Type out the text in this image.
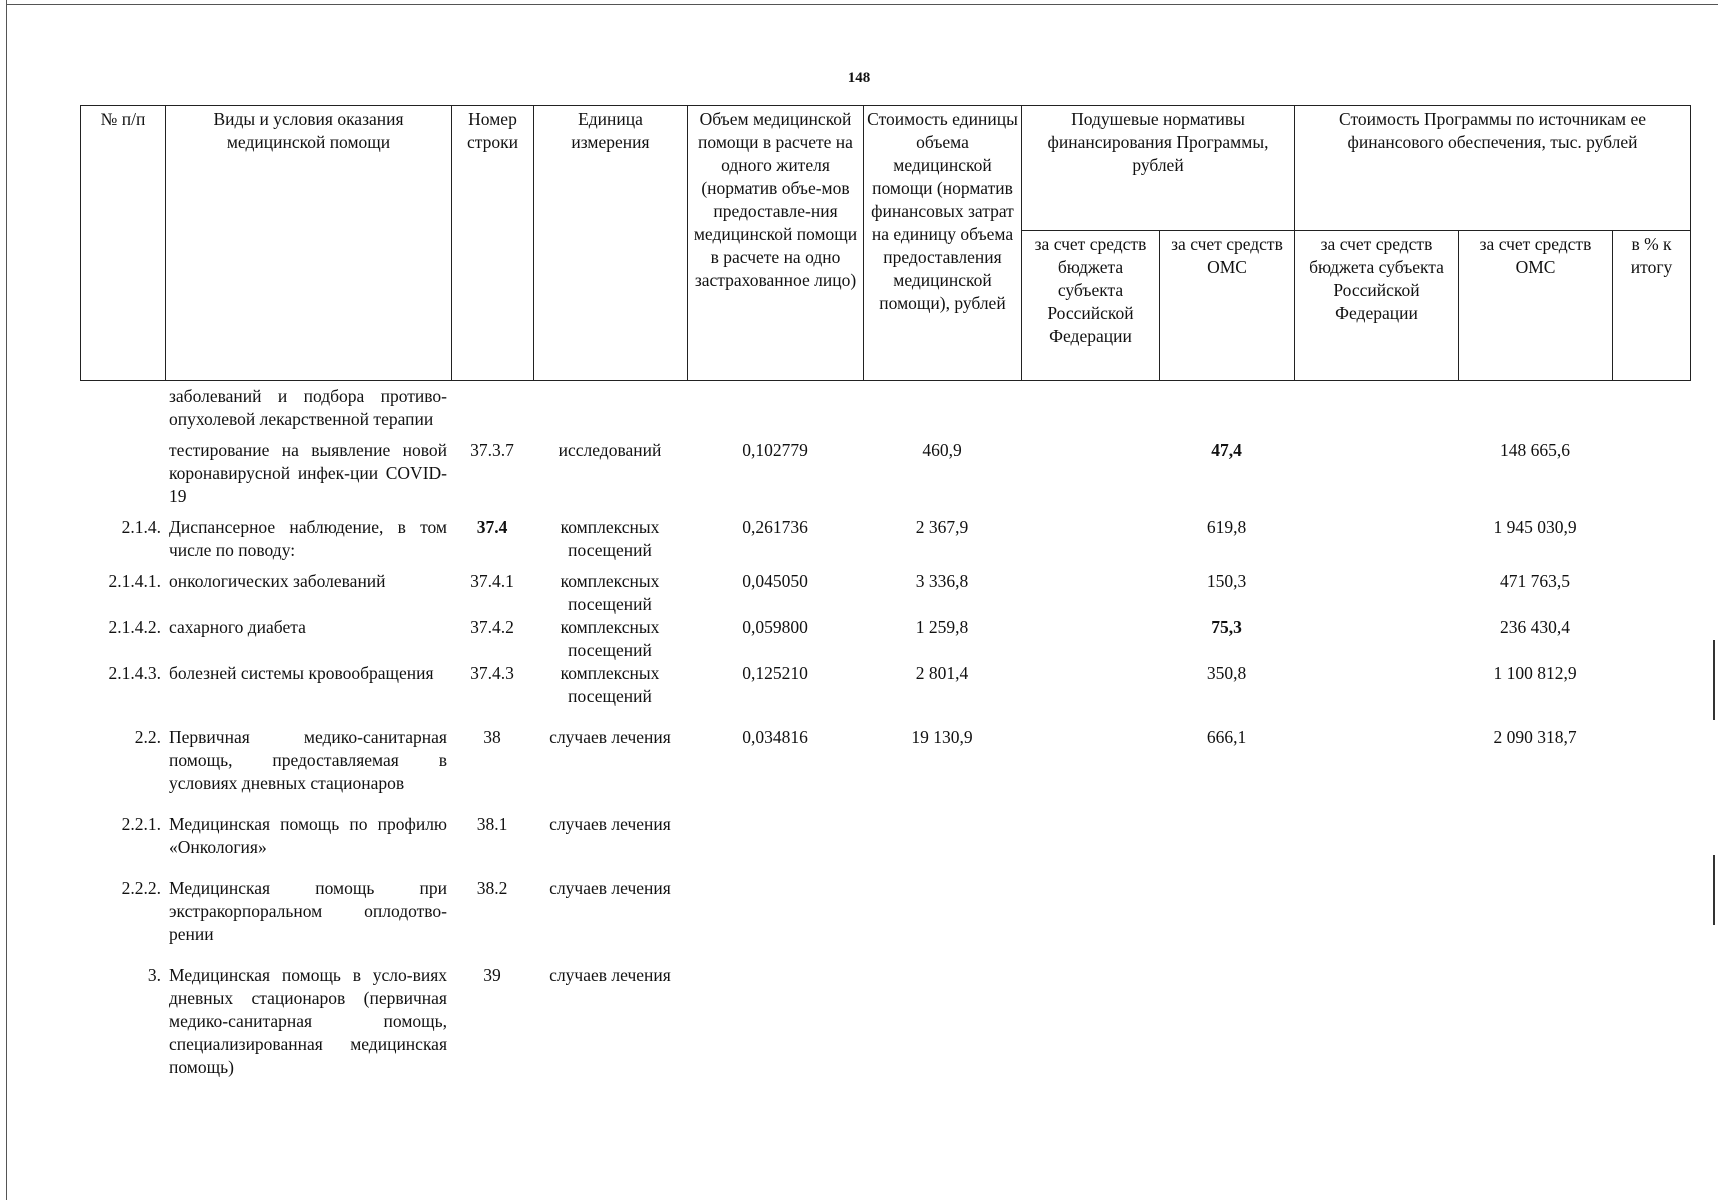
148
№ п/п	Виды и условия оказания медицинской помощи	Номер строки	Единица измерения	Объем медицинской помощи в расчете на одного жителя (норматив объе-мов предоставле-ния медицинской помощи в расчете на одно застрахованное лицо)	Стоимость единицы объема медицинской помощи (норматив финансовых затрат на единицу объема предоставления медицинской помощи), рублей	Подушевые нормативы финансирования Программы, рублей		Стоимость Программы по источникам ее финансового обеспечения, тыс. рублей		
						за счет средств бюджета субъекта Российской Федерации	за счет средств ОМС	за счет средств бюджета субъекта Российской Федерации	за счет средств ОМС	в % к итогу
	заболеваний и подбора противо-опухолевой лекарственной терапии									
	тестирование на выявление новой коронавирусной инфек-ции COVID-19	37.3.7	исследований	0,102779	460,9		47,4		148 665,6	
2.1.4.	Диспансерное наблюдение, в том числе по поводу:	37.4	комплексных посещений	0,261736	2 367,9		619,8		1 945 030,9	
2.1.4.1.	онкологических заболеваний	37.4.1	комплексных посещений	0,045050	3 336,8		150,3		471 763,5	
2.1.4.2.	сахарного диабета	37.4.2	комплексных посещений	0,059800	1 259,8		75,3		236 430,4	
2.1.4.3.	болезней системы кровообращения	37.4.3	комплексных посещений	0,125210	2 801,4		350,8		1 100 812,9	
2.2.	Первичная медико-санитарная помощь, предоставляемая в условиях дневных стационаров	38	случаев лечения	0,034816	19 130,9		666,1		2 090 318,7	
2.2.1.	Медицинская помощь по профилю «Онкология»	38.1	случаев лечения							
2.2.2.	Медицинская помощь при экстракорпоральном оплодотво-рении	38.2	случаев лечения							
3.	Медицинская помощь в усло-виях дневных стационаров (первичная медико-санитарная помощь, специализированная медицинская помощь)	39	случаев лечения							
